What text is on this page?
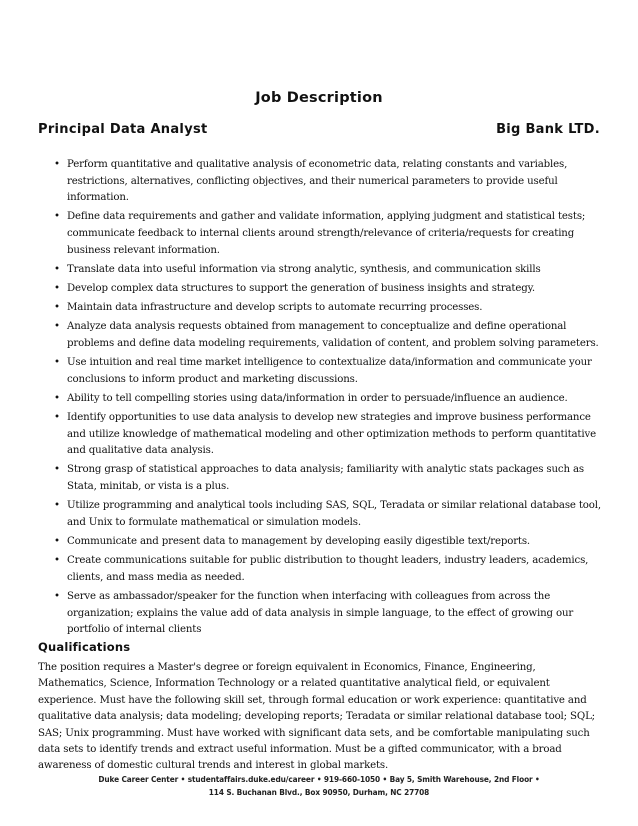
Job Description
Principal Data Analyst	Big Bank LTD.
• Perform quantitative and qualitative analysis of econometric data, relating constants and variables, restrictions, alternatives, conflicting objectives, and their numerical parameters to provide useful information.
• Define data requirements and gather and validate information, applying judgment and statistical tests; communicate feedback to internal clients around strength/relevance of criteria/requests for creating business relevant information.
• Translate data into useful information via strong analytic, synthesis, and communication skills
• Develop complex data structures to support the generation of business insights and strategy.
• Maintain data infrastructure and develop scripts to automate recurring processes.
• Analyze data analysis requests obtained from management to conceptualize and define operational problems and define data modeling requirements, validation of content, and problem solving parameters.
• Use intuition and real time market intelligence to contextualize data/information and communicate your conclusions to inform product and marketing discussions.
• Ability to tell compelling stories using data/information in order to persuade/influence an audience.
• Identify opportunities to use data analysis to develop new strategies and improve business performance and utilize knowledge of mathematical modeling and other optimization methods to perform quantitative and qualitative data analysis.
• Strong grasp of statistical approaches to data analysis; familiarity with analytic stats packages such as Stata, minitab, or vista is a plus.
• Utilize programming and analytical tools including SAS, SQL, Teradata or similar relational database tool, and Unix to formulate mathematical or simulation models.
• Communicate and present data to management by developing easily digestible text/reports.
• Create communications suitable for public distribution to thought leaders, industry leaders, academics, clients, and mass media as needed.
• Serve as ambassador/speaker for the function when interfacing with colleagues from across the organization; explains the value add of data analysis in simple language, to the effect of growing our portfolio of internal clients
Qualifications

The position requires a Master's degree or foreign equivalent in Economics, Finance, Engineering, Mathematics, Science, Information Technology or a related quantitative analytical field, or equivalent experience. Must have the following skill set, through formal education or work experience: quantitative and qualitative data analysis; data modeling; developing reports; Teradata or similar relational database tool; SQL; SAS; Unix programming. Must have worked with significant data sets, and be comfortable manipulating such data sets to identify trends and extract useful information. Must be a gifted communicator, with a broad awareness of domestic cultural trends and interest in global markets.

Duke Career Center • studentaffairs.duke.edu/career • 919-660-1050 • Bay 5, Smith Warehouse, 2nd Floor •
114 S. Buchanan Blvd., Box 90950, Durham, NC 27708
